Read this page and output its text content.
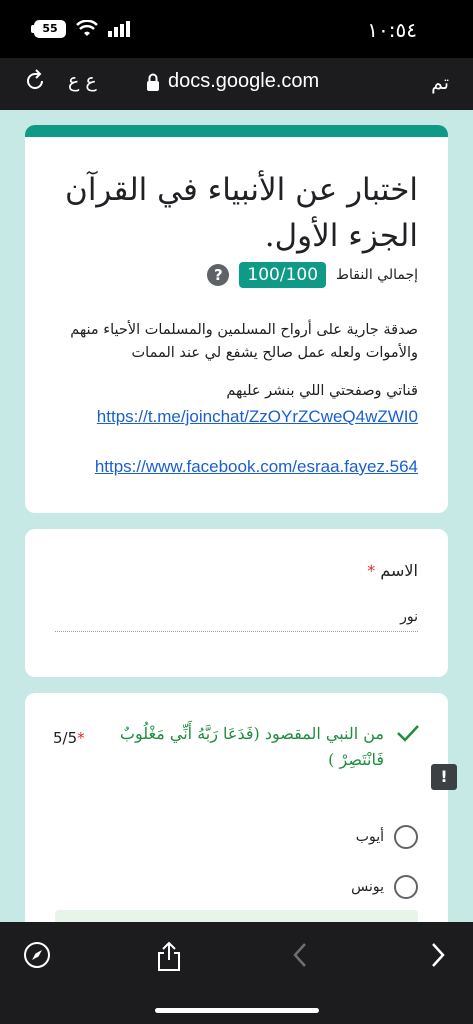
55	١٠:٥٤
ع ع	docs.google.com	تم
اختبار عن الأنبياء في القرآن الجزء الأول.
إجمالي النقاط
100/100
?
صدقة جارية على أرواح المسلمين والمسلمات الأحياء منهم والأموات ولعله عمل صالح يشفع لي عند الممات
قناتي وصفحتي اللي بنشر عليهم
https://t.me/joinchat/ZzOYrZCweQ4wZWI0
https://www.facebook.com/esraa.fayez.564
الاسم *
نور
من النبي المقصود (فَدَعَا رَبَّهُ أَنِّي مَغْلُوبٌ فَانْتَصِرْ )
5/5*
أيوب
يونس
!
